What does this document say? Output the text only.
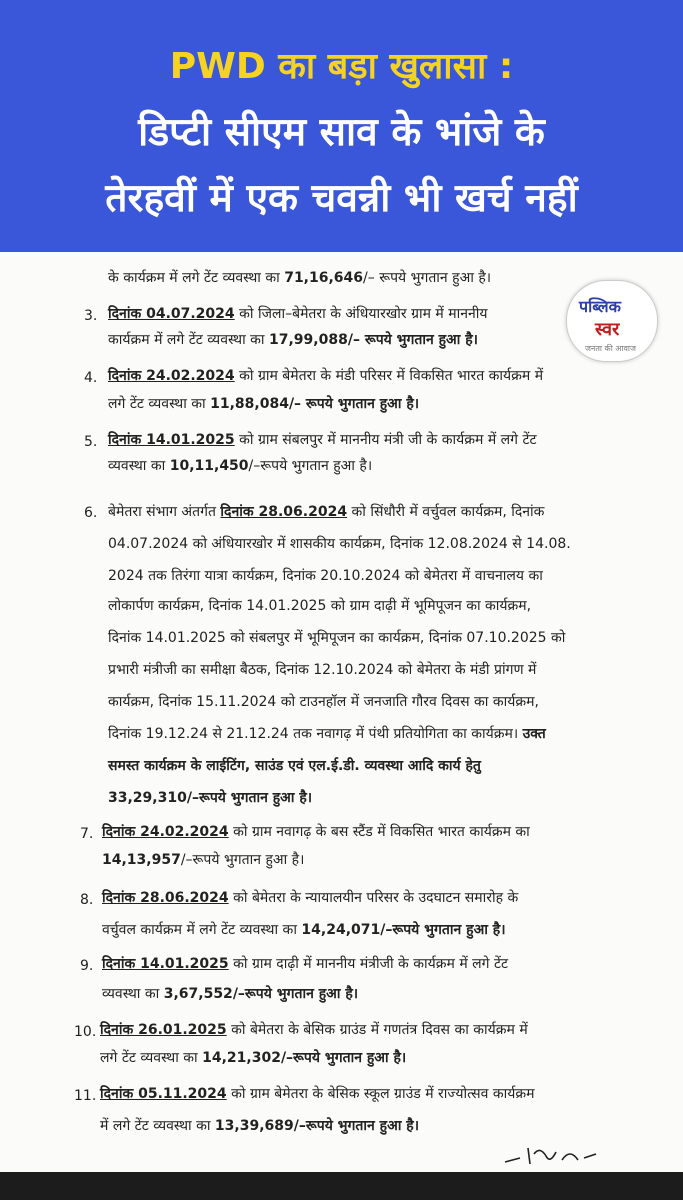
PWD का बड़ा खुलासा :
डिप्टी सीएम साव के भांजे के
तेरहवीं में एक चवन्नी भी खर्च नहीं
के कार्यक्रम में लगे टेंट व्यवस्था का 71,16,646/– रूपये भुगतान हुआ है।
3. दिनांक 04.07.2024 को जिला–बेमेतरा के अंधियारखोर ग्राम में माननीय
कार्यक्रम में लगे टेंट व्यवस्था का 17,99,088/– रूपये भुगतान हुआ है।
4. दिनांक 24.02.2024 को ग्राम बेमेतरा के मंडी परिसर में विकसित भारत कार्यक्रम में
लगे टेंट व्यवस्था का 11,88,084/– रूपये भुगतान हुआ है।
5. दिनांक 14.01.2025 को ग्राम संबलपुर में माननीय मंत्री जी के कार्यक्रम में लगे टेंट
व्यवस्था का 10,11,450/–रूपये भुगतान हुआ है।
6. बेमेतरा संभाग अंतर्गत दिनांक 28.06.2024 को सिंधौरी में वर्चुवल कार्यक्रम, दिनांक
04.07.2024 को अंधियारखोर में शासकीय कार्यक्रम, दिनांक 12.08.2024 से 14.08.
2024 तक तिरंगा यात्रा कार्यक्रम, दिनांक 20.10.2024 को बेमेतरा में वाचनालय का
लोकार्पण कार्यक्रम, दिनांक 14.01.2025 को ग्राम दाढ़ी में भूमिपूजन का कार्यक्रम,
दिनांक 14.01.2025 को संबलपुर में भूमिपूजन का कार्यक्रम, दिनांक 07.10.2025 को
प्रभारी मंत्रीजी का समीक्षा बैठक, दिनांक 12.10.2024 को बेमेतरा के मंडी प्रांगण में
कार्यक्रम, दिनांक 15.11.2024 को टाउनहॉल में जनजाति गौरव दिवस का कार्यक्रम,
दिनांक 19.12.24 से 21.12.24 तक नवागढ़ में पंथी प्रतियोगिता का कार्यक्रम। उक्त
समस्त कार्यक्रम के लाईटिंग, साउंड एवं एल.ई.डी. व्यवस्था आदि कार्य हेतु
33,29,310/–रूपये भुगतान हुआ है।
7. दिनांक 24.02.2024 को ग्राम नवागढ़ के बस स्टैंड में विकसित भारत कार्यक्रम का
14,13,957/–रूपये भुगतान हुआ है।
8. दिनांक 28.06.2024 को बेमेतरा के न्यायालयीन परिसर के उदघाटन समारोह के
वर्चुवल कार्यक्रम में लगे टेंट व्यवस्था का 14,24,071/–रूपये भुगतान हुआ है।
9. दिनांक 14.01.2025 को ग्राम दाढ़ी में माननीय मंत्रीजी के कार्यक्रम में लगे टेंट
व्यवस्था का 3,67,552/–रूपये भुगतान हुआ है।
10. दिनांक 26.01.2025 को बेमेतरा के बेसिक ग्राउंड में गणतंत्र दिवस का कार्यक्रम में
लगे टेंट व्यवस्था का 14,21,302/–रूपये भुगतान हुआ है।
11. दिनांक 05.11.2024 को ग्राम बेमेतरा के बेसिक स्कूल ग्राउंड में राज्योत्सव कार्यक्रम
में लगे टेंट व्यवस्था का 13,39,689/–रूपये भुगतान हुआ है।
पब्लिक
स्वर
जनता की आवाज
